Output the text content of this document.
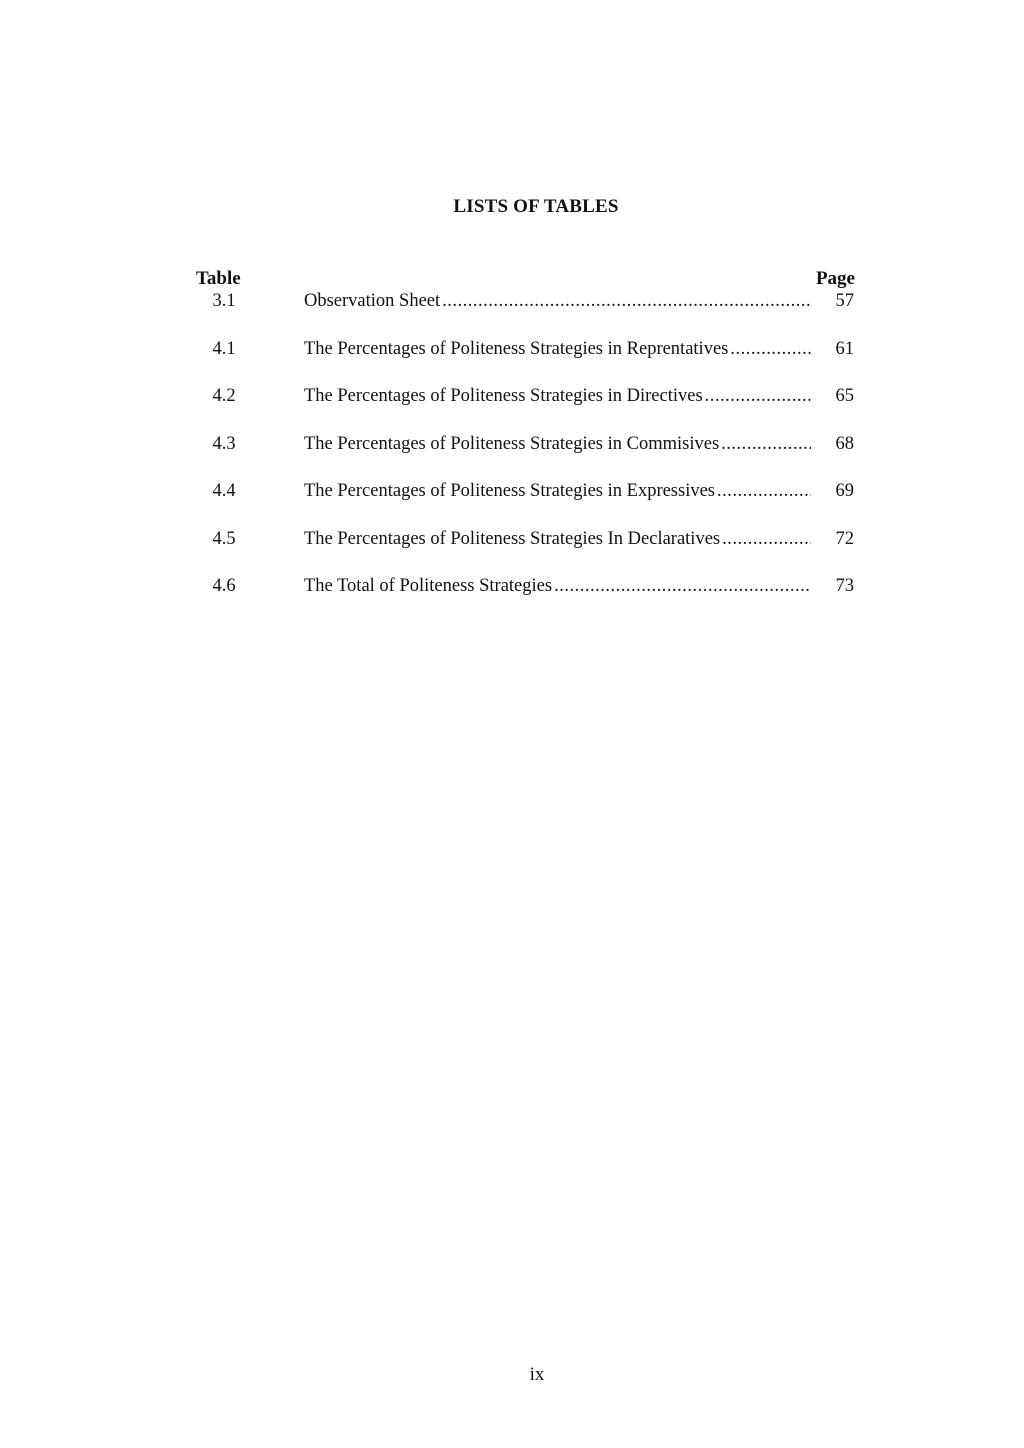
LISTS OF TABLES
Table	Page
3.1	Observation Sheet .....	57
4.1	The Percentages of Politeness Strategies in Reprentatives .....	61
4.2	The Percentages of Politeness Strategies in Directives .....	65
4.3	The Percentages of Politeness Strategies in Commisives .....	68
4.4	The Percentages of Politeness Strategies in Expressives .....	69
4.5	The Percentages of Politeness Strategies In Declaratives .....	72
4.6	The Total of Politeness Strategies .....	73
ix
